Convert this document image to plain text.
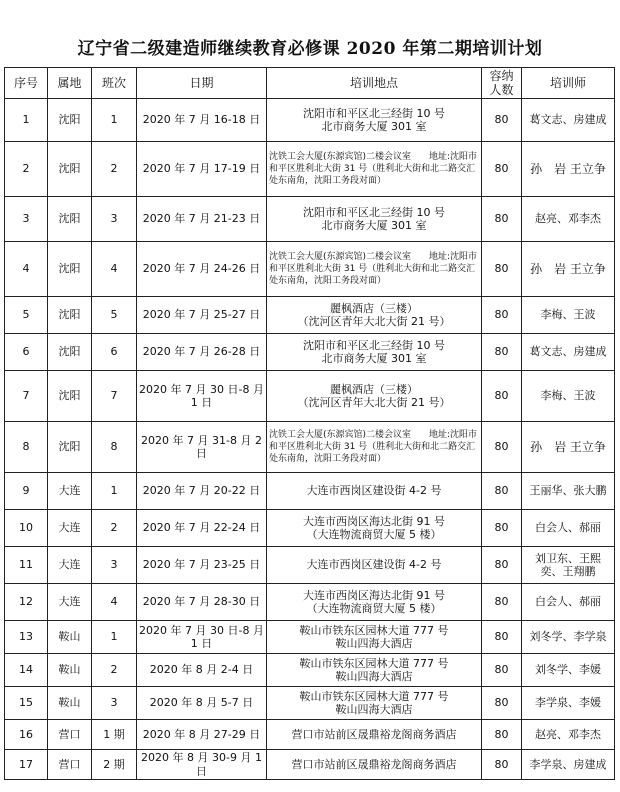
辽宁省二级建造师继续教育必修课 2020 年第二期培训计划
序号	属地	班次	日期	培训地点	容纳人数	培训师
1	沈阳	1	2020 年 7 月 16-18 日	沈阳市和平区北三经街 10 号
北市商务大厦 301 室	80	葛文志、房建成
2	沈阳	2	2020 年 7 月 17-19 日	沈铁工会大厦(东源宾馆)二楼会议室　　地址:沈阳市和平区胜利北大街 31 号（胜利北大街和北二路交汇处东南角，沈阳工务段对面）	80	孙　岩 王立争
3	沈阳	3	2020 年 7 月 21-23 日	沈阳市和平区北三经街 10 号
北市商务大厦 301 室	80	赵亮、邓李杰
4	沈阳	4	2020 年 7 月 24-26 日	沈铁工会大厦(东源宾馆)二楼会议室　　地址:沈阳市和平区胜利北大街 31 号（胜利北大街和北二路交汇处东南角，沈阳工务段对面）	80	孙　岩 王立争
5	沈阳	5	2020 年 7 月 25-27 日	麗枫酒店（三楼）
（沈河区青年大北大街 21 号）	80	李梅、王波
6	沈阳	6	2020 年 7 月 26-28 日	沈阳市和平区北三经街 10 号
北市商务大厦 301 室	80	葛文志、房建成
7	沈阳	7	2020 年 7 月 30 日-8 月 1 日	麗枫酒店（三楼）
（沈河区青年大北大街 21 号）	80	李梅、王波
8	沈阳	8	2020 年 7 月 31-8 月 2 日	沈铁工会大厦(东源宾馆)二楼会议室　　地址:沈阳市和平区胜利北大街 31 号（胜利北大街和北二路交汇处东南角，沈阳工务段对面）	80	孙　岩 王立争
9	大连	1	2020 年 7 月 20-22 日	大连市西岗区建设街 4-2 号	80	王丽华、张大鹏
10	大连	2	2020 年 7 月 22-24 日	大连市西岗区海达北街 91 号
（大连物流商贸大厦 5 楼）	80	白会人、郝丽
11	大连	3	2020 年 7 月 23-25 日	大连市西岗区建设街 4-2 号	80	刘卫东、王熙 奕、王翔鹏
12	大连	4	2020 年 7 月 28-30 日	大连市西岗区海达北街 91 号
（大连物流商贸大厦 5 楼）	80	白会人、郝丽
13	鞍山	1	2020 年 7 月 30 日-8 月 1 日	鞍山市铁东区园林大道 777 号
鞍山四海大酒店	80	刘冬学、李学泉
14	鞍山	2	2020 年 8 月 2-4 日	鞍山市铁东区园林大道 777 号
鞍山四海大酒店	80	刘冬学、李媛
15	鞍山	3	2020 年 8 月 5-7 日	鞍山市铁东区园林大道 777 号
鞍山四海大酒店	80	李学泉、李媛
16	营口	1 期	2020 年 8 月 27-29 日	营口市站前区晟鼎裕龙阁商务酒店	80	赵亮、邓李杰
17	营口	2 期	2020 年 8 月 30-9 月 1 日	营口市站前区晟鼎裕龙阁商务酒店	80	李学泉、房建成
